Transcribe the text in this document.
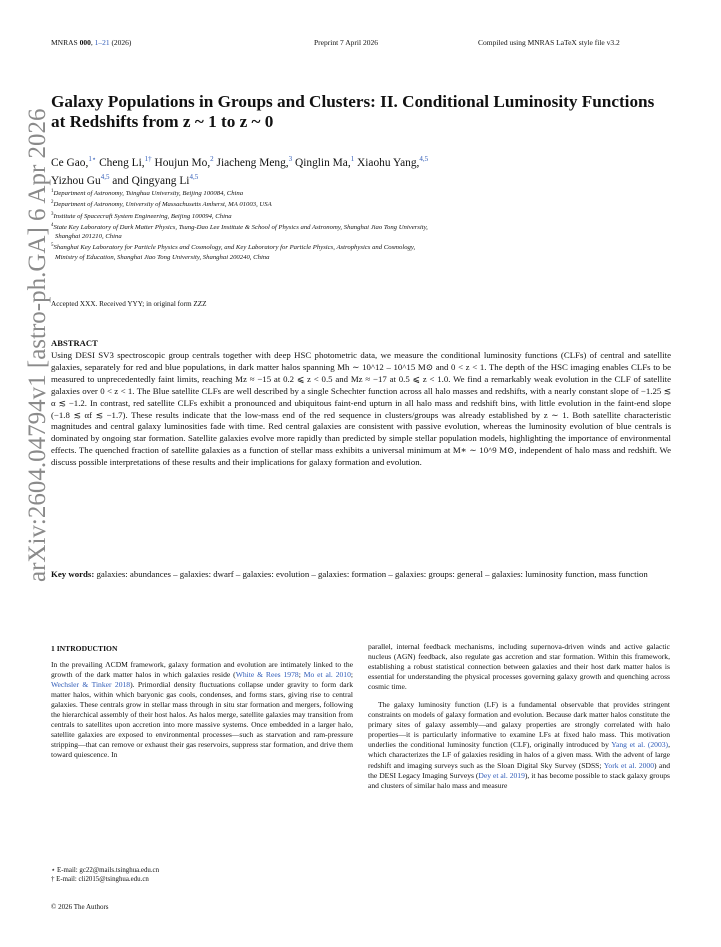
MNRAS 000, 1–21 (2026)	Preprint 7 April 2026	Compiled using MNRAS LaTeX style file v3.2
arXiv:2604.04794v1 [astro-ph.GA] 6 Apr 2026
Galaxy Populations in Groups and Clusters: II. Conditional Luminosity Functions at Redshifts from z ~ 1 to z ~ 0
Ce Gao,$^{1⋆}$ Cheng Li,$^{1\dagger}$ Houjun Mo,$^2$ Jiacheng Meng,$^3$ Qinglin Ma,$^1$ Xiaohu Yang,$^{4,5}$
Yizhou Gu$^{4,5}$ and Qingyang Li$^{4,5}$
$^1$Department of Astronomy, Tsinghua University, Beijing 100084, China
$^2$Department of Astronomy, University of Massachusetts Amherst, MA 01003, USA
$^3$Institute of Spacecraft System Engineering, Beijing 100094, China
$^4$State Key Laboratory of Dark Matter Physics, Tsung-Dao Lee Institute & School of Physics and Astronomy, Shanghai Jiao Tong University,
Shanghai 201210, China
$^5$Shanghai Key Laboratory for Particle Physics and Cosmology, and Key Laboratory for Particle Physics, Astrophysics and Cosmology,
Ministry of Education, Shanghai Jiao Tong University, Shanghai 200240, China
Accepted XXX. Received YYY; in original form ZZZ
ABSTRACT
Using DESI SV3 spectroscopic group centrals together with deep HSC photometric data, we measure the conditional luminosity functions (CLFs) of central and satellite galaxies, separately for red and blue populations, in dark matter halos spanning Mh ∼ 10^12 – 10^15 M⊙ and 0 < z < 1. The depth of the HSC imaging enables CLFs to be measured to unprecedentedly faint limits, reaching Mz ≈ −15 at 0.2 ⩽ z < 0.5 and Mz ≈ −17 at 0.5 ⩽ z < 1.0. We find a remarkably weak evolution in the CLF of satellite galaxies over 0 < z < 1. The Blue satellite CLFs are well described by a single Schechter function across all halo masses and redshifts, with a nearly constant slope of −1.25 ≲ α ≲ −1.2. In contrast, red satellite CLFs exhibit a pronounced and ubiquitous faint-end upturn in all halo mass and redshift bins, with little evolution in the faint-end slope (−1.8 ≲ αf ≲ −1.7). These results indicate that the low-mass end of the red sequence in clusters/groups was already established by z ∼ 1. Both satellite characteristic magnitudes and central galaxy luminosities fade with time. Red central galaxies are consistent with passive evolution, whereas the luminosity evolution of blue centrals is dominated by ongoing star formation. Satellite galaxies evolve more rapidly than predicted by simple stellar population models, highlighting the importance of environmental effects. The quenched fraction of satellite galaxies as a function of stellar mass exhibits a universal minimum at M∗ ∼ 10^9 M⊙, independent of halo mass and redshift. We discuss possible interpretations of these results and their implications for galaxy formation and evolution.
Key words: galaxies: abundances – galaxies: dwarf – galaxies: evolution – galaxies: formation – galaxies: groups: general – galaxies: luminosity function, mass function
1 INTRODUCTION
In the prevailing ΛCDM framework, galaxy formation and evolution are intimately linked to the growth of the dark matter halos in which galaxies reside (White & Rees 1978; Mo et al. 2010; Wechsler & Tinker 2018). Primordial density fluctuations collapse under gravity to form dark matter halos, within which baryonic gas cools, condenses, and forms stars, giving rise to central galaxies. These centrals grow in stellar mass through in situ star formation and mergers, following the hierarchical assembly of their host halos. As halos merge, satellite galaxies may transition from centrals to satellites upon accretion into more massive systems. Once embedded in a larger halo, satellite galaxies are exposed to environmental processes—such as starvation and ram-pressure stripping—that can remove or exhaust their gas reservoirs, suppress star formation, and drive them toward quiescence. In
parallel, internal feedback mechanisms, including supernova-driven winds and active galactic nucleus (AGN) feedback, also regulate gas accretion and star formation. Within this framework, establishing a robust statistical connection between galaxies and their host dark matter halos is essential for understanding the physical processes governing galaxy growth and quenching across cosmic time.
The galaxy luminosity function (LF) is a fundamental observable that provides stringent constraints on models of galaxy formation and evolution. Because dark matter halos constitute the primary sites of galaxy assembly—and galaxy properties are strongly correlated with halo properties—it is particularly informative to examine LFs at fixed halo mass. This motivation underlies the conditional luminosity function (CLF), originally introduced by Yang et al. (2003), which characterizes the LF of galaxies residing in halos of a given mass. With the advent of large redshift and imaging surveys such as the Sloan Digital Sky Survey (SDSS; York et al. 2000) and the DESI Legacy Imaging Surveys (Dey et al. 2019), it has become possible to stack galaxy groups and clusters of similar halo mass and measure
⋆ E-mail: gc22@mails.tsinghua.edu.cn
† E-mail: cli2015@tsinghua.edu.cn
© 2026 The Authors
